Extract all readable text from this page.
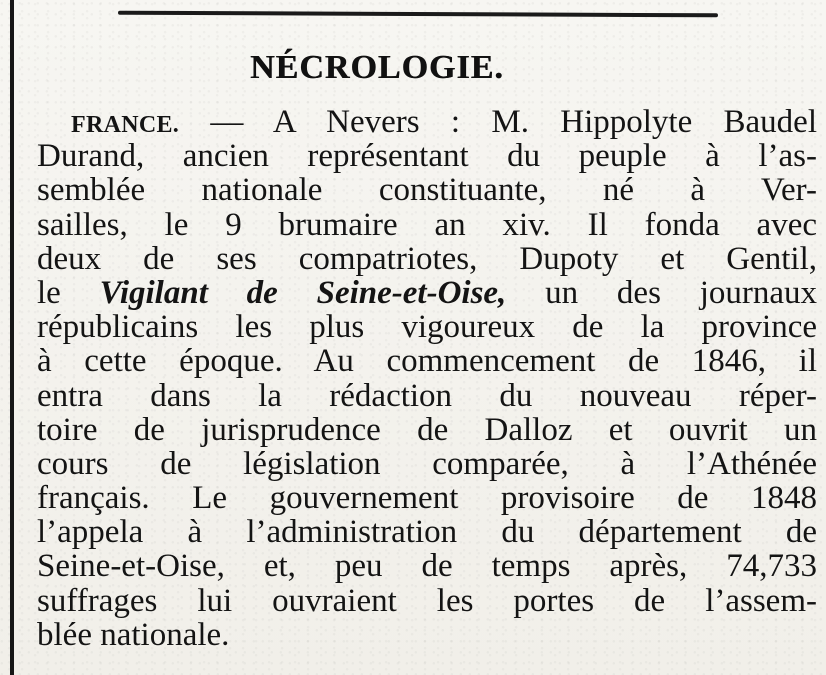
NÉCROLOGIE.
FRANCE. — A Nevers : M. Hippolyte Baudel
Durand, ancien représentant du peuple à l’as-
semblée nationale constituante, né à Ver-
sailles, le 9 brumaire an xiv. Il fonda avec
deux de ses compatriotes, Dupoty et Gentil,
le Vigilant de Seine-et-Oise, un des journaux
républicains les plus vigoureux de la province
à cette époque. Au commencement de 1846, il
entra dans la rédaction du nouveau réper-
toire de jurisprudence de Dalloz et ouvrit un
cours de législation comparée, à l’Athénée
français. Le gouvernement provisoire de 1848
l’appela à l’administration du département de
Seine-et-Oise, et, peu de temps après, 74,733
suffrages lui ouvraient les portes de l’assem-
blée nationale.
